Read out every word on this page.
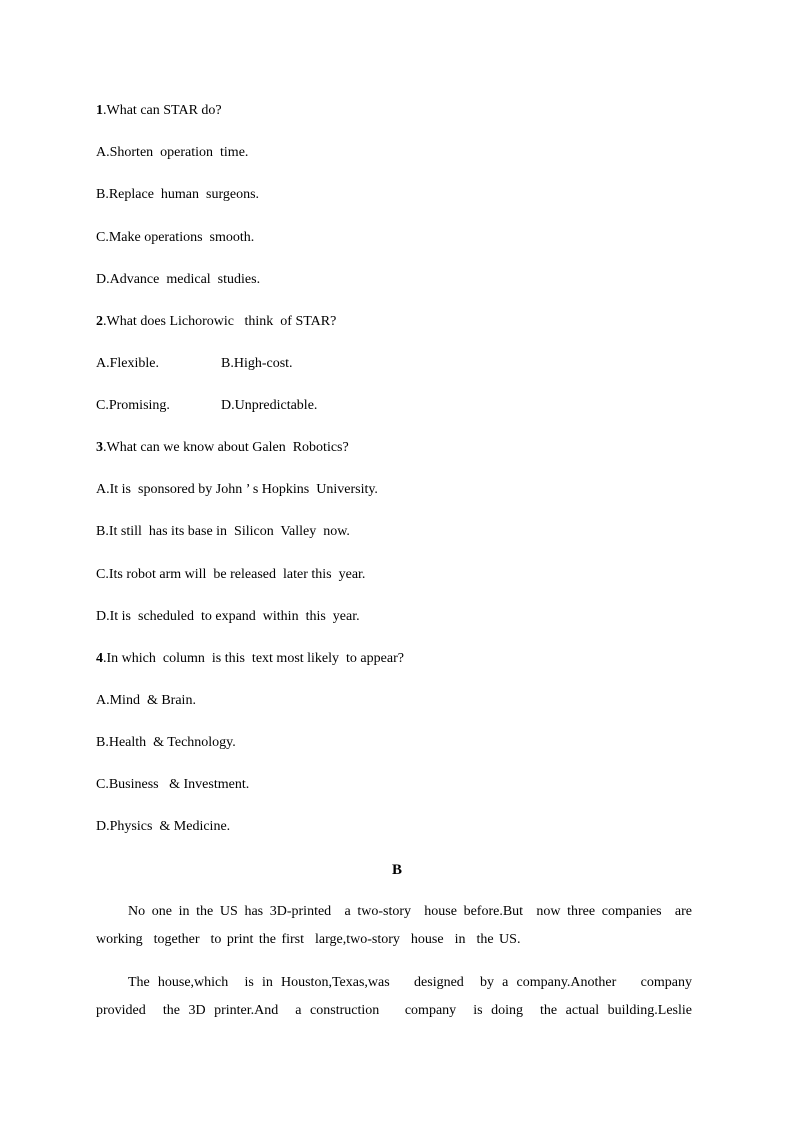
1.What can STAR do?
A.Shorten  operation  time.
B.Replace  human  surgeons.
C.Make operations  smooth.
D.Advance  medical  studies.
2.What does Lichorowic   think  of STAR?
A.Flexible.	B.High-cost.
C.Promising.	D.Unpredictable.
3.What can we know about Galen  Robotics?
A.It is  sponsored by John ’ s Hopkins  University.
B.It still  has its base in  Silicon  Valley  now.
C.Its robot arm will  be released  later this  year.
D.It is  scheduled  to expand  within  this  year.
4.In which  column  is this  text most likely  to appear?
A.Mind  & Brain.
B.Health  & Technology.
C.Business   & Investment.
D.Physics  & Medicine.
B
No one in the US has 3D-printed  a two-story  house before.But  now three companies  are
working  together  to print the first  large,two-story  house  in  the US.
The house,which  is in Houston,Texas,was   designed  by a company.Another   company
provided  the 3D printer.And  a construction   company  is doing  the actual building.Leslie
